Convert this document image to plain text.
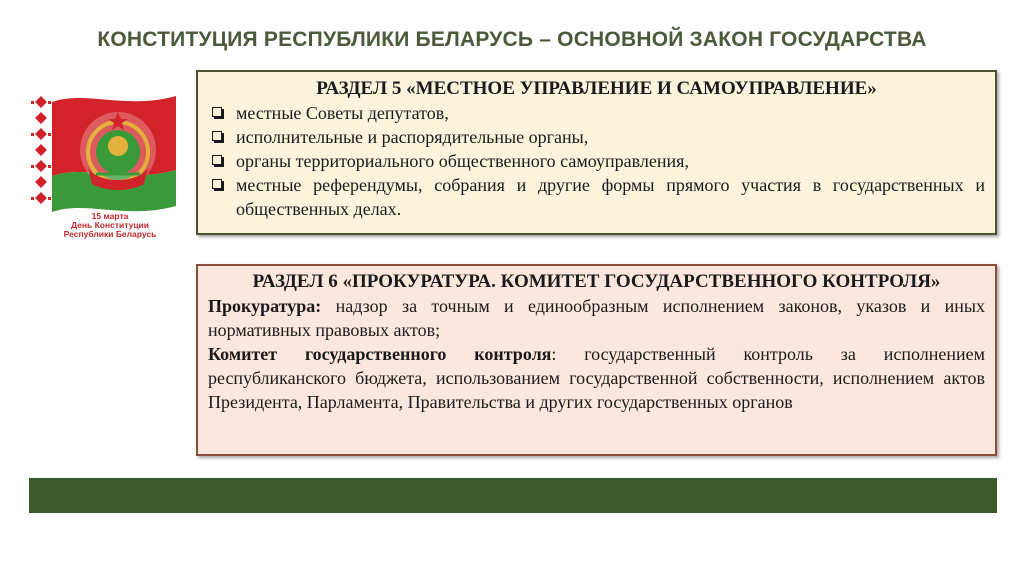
КОНСТИТУЦИЯ РЕСПУБЛИКИ БЕЛАРУСЬ – ОСНОВНОЙ ЗАКОН ГОСУДАРСТВА
15 марта
День Конституции
Республики Беларусь
РАЗДЕЛ 5 «МЕСТНОЕ УПРАВЛЕНИЕ И САМОУПРАВЛЕНИЕ»
местные Советы депутатов,
исполнительные и распорядительные органы,
органы территориального общественного самоуправления,
местные референдумы, собрания и другие формы прямого участия в государственных и общественных делах.
РАЗДЕЛ 6 «ПРОКУРАТУРА. КОМИТЕТ ГОСУДАРСТВЕННОГО КОНТРОЛЯ»
Прокуратура: надзор за точным и единообразным исполнением законов, указов и иных нормативных правовых актов;
Комитет государственного контроля: государственный контроль за исполнением республиканского бюджета, использованием государственной собственности, исполнением актов Президента, Парламента, Правительства и других государственных органов
